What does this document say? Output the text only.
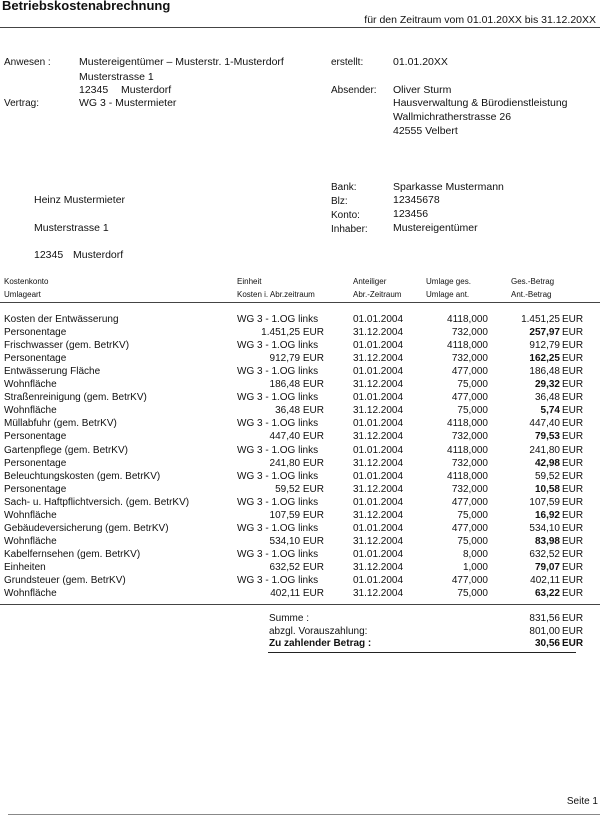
Betriebskostenabrechnung
für den Zeitraum vom 01.01.20XX bis 31.12.20XX
Anwesen :	Mustereigentümer – Musterstr. 1-Musterdorf
Musterstrasse 1
12345 Musterdorf
Vertrag:	WG 3 - Mustermieter
erstellt:	01.01.20XX
Absender: Oliver Sturm
Hausverwaltung & Bürodienstleistung
Wallmichratherstrasse 26
42555 Velbert
Bank:	Sparkasse Mustermann
Blz:	12345678
Konto:	123456
Inhaber: Mustereigentümer
Heinz Mustermieter
Musterstrasse 1
12345 Musterdorf
Kostenkonto	Einheit	Anteiliger	Umlage ges.	Ges.-Betrag
Umlageart	Kosten i. Abr.zeitraum	Abr.-Zeitraum	Umlage ant.	Ant.-Betrag
Kosten der Entwässerung	WG 3 - 1.OG links	01.01.2004	4118,000	1.451,25 EUR
Personentage	1.451,25 EUR	31.12.2004	732,000	257,97 EUR
Frischwasser (gem. BetrKV)	WG 3 - 1.OG links	01.01.2004	4118,000	912,79 EUR
Personentage	912,79 EUR	31.12.2004	732,000	162,25 EUR
Entwässerung Fläche	WG 3 - 1.OG links	01.01.2004	477,000	186,48 EUR
Wohnfläche	186,48 EUR	31.12.2004	75,000	29,32 EUR
Straßenreinigung (gem. BetrKV)	WG 3 - 1.OG links	01.01.2004	477,000	36,48 EUR
Wohnfläche	36,48 EUR	31.12.2004	75,000	5,74 EUR
Müllabfuhr (gem. BetrKV)	WG 3 - 1.OG links	01.01.2004	4118,000	447,40 EUR
Personentage	447,40 EUR	31.12.2004	732,000	79,53 EUR
Gartenpflege (gem. BetrKV)	WG 3 - 1.OG links	01.01.2004	4118,000	241,80 EUR
Personentage	241,80 EUR	31.12.2004	732,000	42,98 EUR
Beleuchtungskosten (gem. BetrKV)	WG 3 - 1.OG links	01.01.2004	4118,000	59,52 EUR
Personentage	59,52 EUR	31.12.2004	732,000	10,58 EUR
Sach- u. Haftpflichtversich. (gem. BetrKV)	WG 3 - 1.OG links	01.01.2004	477,000	107,59 EUR
Wohnfläche	107,59 EUR	31.12.2004	75,000	16,92 EUR
Gebäudeversicherung (gem. BetrKV)	WG 3 - 1.OG links	01.01.2004	477,000	534,10 EUR
Wohnfläche	534,10 EUR	31.12.2004	75,000	83,98 EUR
Kabelfernsehen (gem. BetrKV)	WG 3 - 1.OG links	01.01.2004	8,000	632,52 EUR
Einheiten	632,52 EUR	31.12.2004	1,000	79,07 EUR
Grundsteuer (gem. BetrKV)	WG 3 - 1.OG links	01.01.2004	477,000	402,11 EUR
Wohnfläche	402,11 EUR	31.12.2004	75,000	63,22 EUR
Summe :	831,56 EUR
abzgl. Vorauszahlung:	801,00 EUR
Zu zahlender Betrag :	30,56 EUR
Seite 1
